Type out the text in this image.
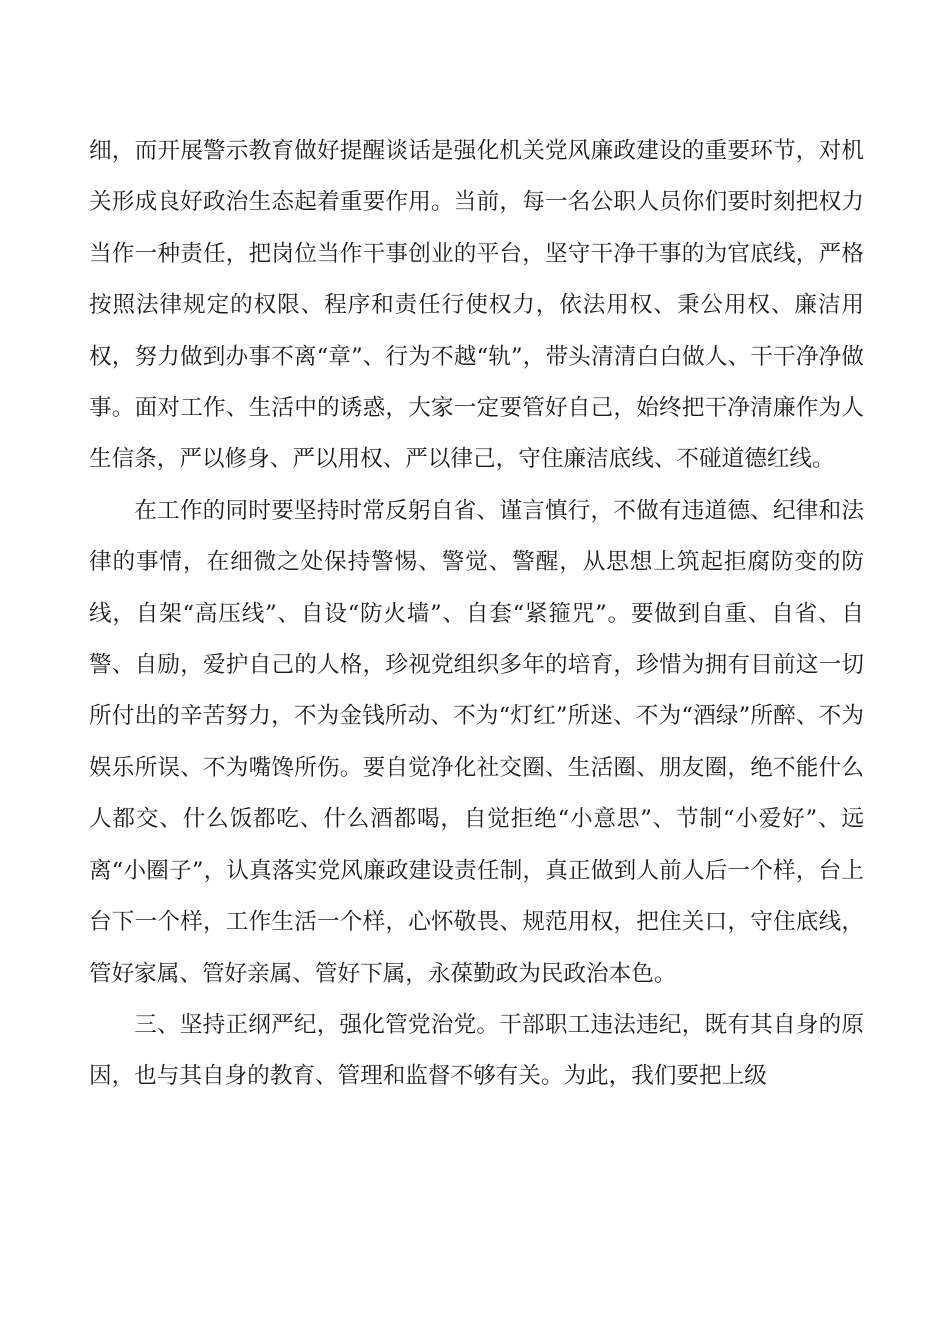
细，而开展警示教育做好提醒谈话是强化机关党风廉政建设的重要环节，对机关形成良好政治生态起着重要作用。当前，每一名公职人员你们要时刻把权力当作一种责任，把岗位当作干事创业的平台，坚守干净干事的为官底线，严格按照法律规定的权限、程序和责任行使权力，依法用权、秉公用权、廉洁用权，努力做到办事不离“章”、行为不越“轨”，带头清清白白做人、干干净净做事。面对工作、生活中的诱惑，大家一定要管好自己，始终把干净清廉作为人生信条，严以修身、严以用权、严以律己，守住廉洁底线、不碰道德红线。

在工作的同时要坚持时常反躬自省、谨言慎行，不做有违道德、纪律和法律的事情，在细微之处保持警惕、警觉、警醒，从思想上筑起拒腐防变的防线，自架“高压线”、自设“防火墙”、自套“紧箍咒”。要做到自重、自省、自警、自励，爱护自己的人格，珍视党组织多年的培育，珍惜为拥有目前这一切所付出的辛苦努力，不为金钱所动、不为“灯红”所迷、不为“酒绿”所醉、不为娱乐所误、不为嘴馋所伤。要自觉净化社交圈、生活圈、朋友圈，绝不能什么人都交、什么饭都吃、什么酒都喝，自觉拒绝“小意思”、节制“小爱好”、远离“小圈子”，认真落实党风廉政建设责任制，真正做到人前人后一个样，台上台下一个样，工作生活一个样，心怀敬畏、规范用权，把住关口，守住底线，管好家属、管好亲属、管好下属，永葆勤政为民政治本色。

三、坚持正纲严纪，强化管党治党。干部职工违法违纪，既有其自身的原因，也与其自身的教育、管理和监督不够有关。为此，我们要把上级
